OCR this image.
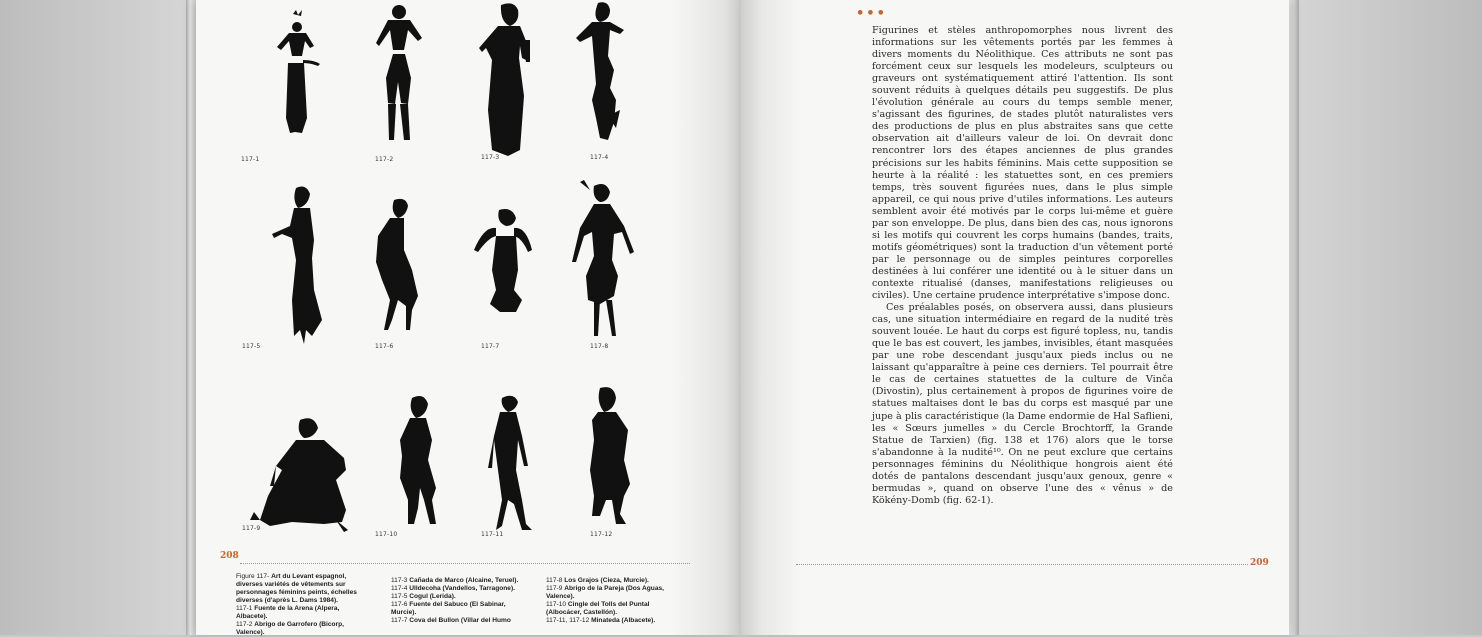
117-1	117-2	117-3	117-4
117-5	117-6	117-7	117-8
117-9
117-10	117-11	117-12
208
Figure 117- Art du Levant espagnol, diverses variétés de vêtements sur personnages féminins peints, échelles diverses (d'après L. Dams 1984).
117-1 Fuente de la Arena (Alpera, Albacete).
117-2 Abrigo de Garrofero (Bicorp, Valence).
117-3 Cañada de Marco (Alcaine, Teruel).
117-4 Ulldecoha (Vandellos, Tarragone).
117-5 Cogul (Lerida).
117-6 Fuente del Sabuco (El Sabinar, Murcie).
117-7 Cova del Bullon (Villar del Humo
117-8 Los Grajos (Cieza, Murcie).
117-9 Abrigo de la Pareja (Dos Aguas, Valence).
117-10 Cingle del Tolls del Puntal (Albocácer, Castellón).
117-11, 117-12 Minateda (Albacete).
•••

Figurines et stèles anthropomorphes nous livrent des informations sur les vêtements portés par les femmes à divers moments du Néolithique. Ces attributs ne sont pas forcément ceux sur lesquels les modeleurs, sculpteurs ou graveurs ont systématiquement attiré l'attention. Ils sont souvent réduits à quelques détails peu suggestifs. De plus l'évolution générale au cours du temps semble mener, s'agissant des figurines, de stades plutôt naturalistes vers des productions de plus en plus abstraites sans que cette observation ait d'ailleurs valeur de loi. On devrait donc rencontrer lors des étapes anciennes de plus grandes précisions sur les habits féminins. Mais cette supposition se heurte à la réalité : les statuettes sont, en ces premiers temps, très souvent figurées nues, dans le plus simple appareil, ce qui nous prive d'utiles informations. Les auteurs semblent avoir été motivés par le corps lui-même et guère par son enveloppe. De plus, dans bien des cas, nous ignorons si les motifs qui couvrent les corps humains (bandes, traits, motifs géométriques) sont la traduction d'un vêtement porté par le personnage ou de simples peintures corporelles destinées à lui conférer une identité ou à le situer dans un contexte ritualisé (danses, manifestations religieuses ou civiles). Une certaine prudence interprétative s'impose donc.

Ces préalables posés, on observera aussi, dans plusieurs cas, une situation intermédiaire en regard de la nudité très souvent louée. Le haut du corps est figuré topless, nu, tandis que le bas est couvert, les jambes, invisibles, étant masquées par une robe descendant jusqu'aux pieds inclus ou ne laissant qu'apparaître à peine ces derniers. Tel pourrait être le cas de certaines statuettes de la culture de Vinča (Divostin), plus certainement à propos de figurines voire de statues maltaises dont le bas du corps est masqué par une jupe à plis caractéristique (la Dame endormie de Hal Saflieni, les « Sœurs jumelles » du Cercle Brochtorff, la Grande Statue de Tarxien) (fig. 138 et 176) alors que le torse s'abandonne à la nudité¹⁰. On ne peut exclure que certains personnages féminins du Néolithique hongrois aient été dotés de pantalons descendant jusqu'aux genoux, genre « bermudas », quand on observe l'une des « vênus » de Kökény-Domb (fig. 62-1).

209
